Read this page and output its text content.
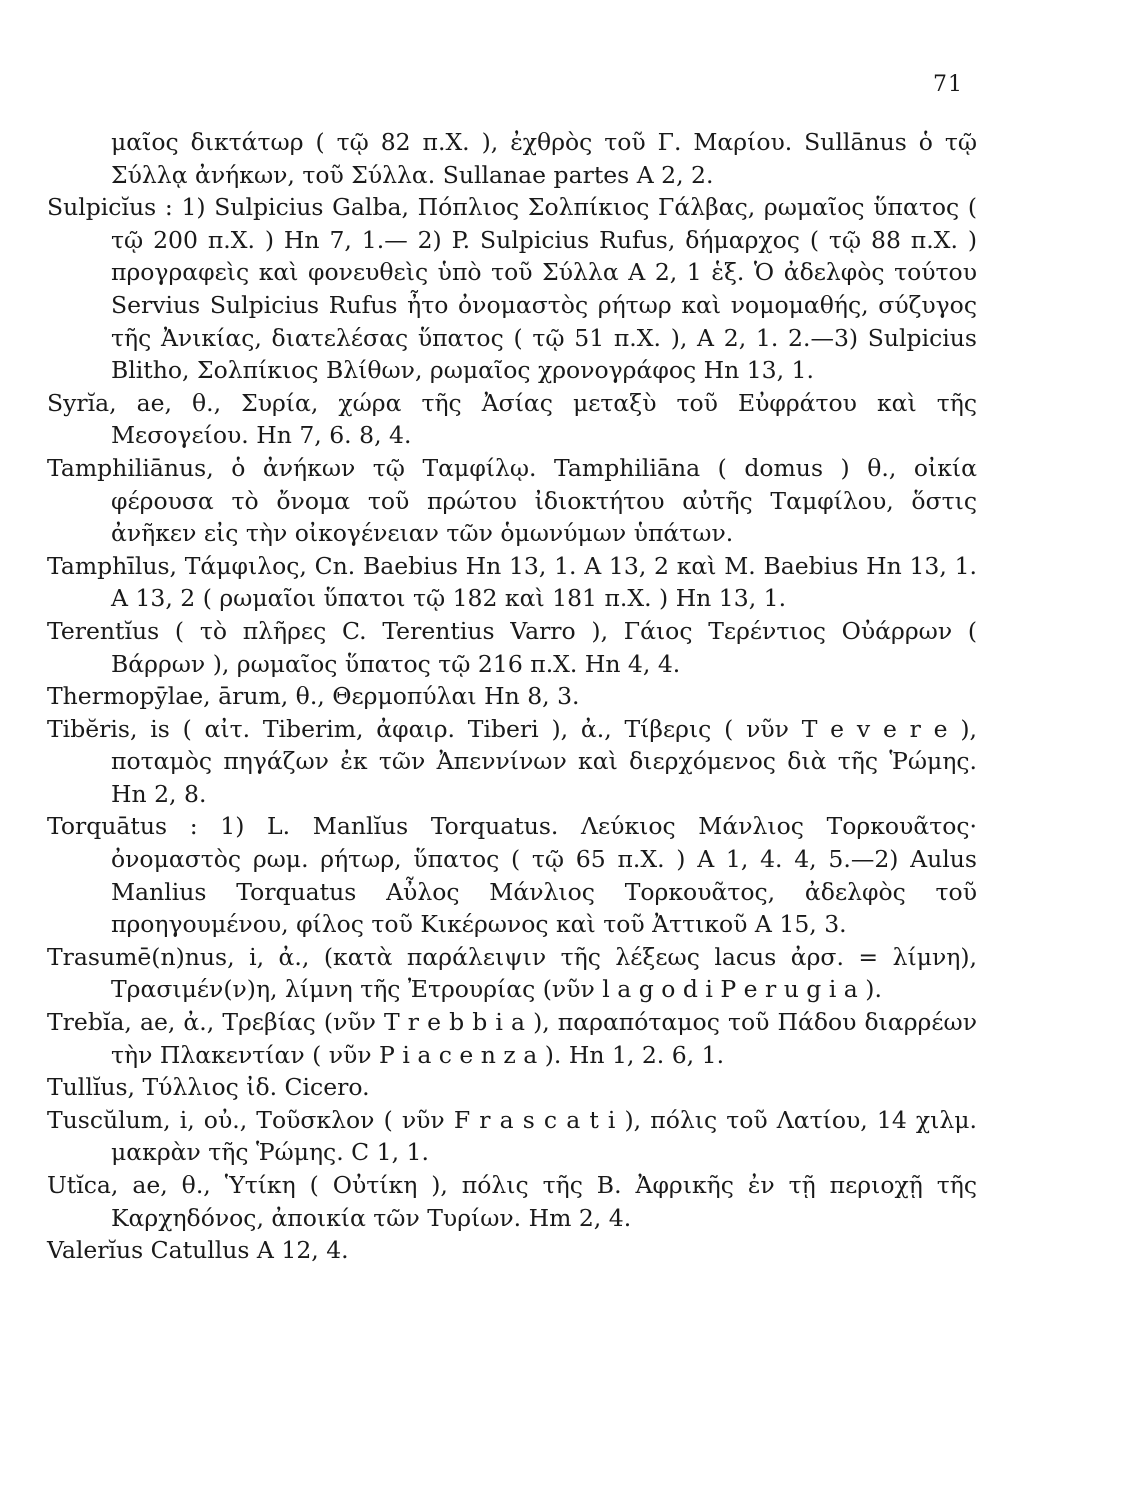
71

μαῖος δικτάτωρ ( τῷ 82 π.Χ. ), ἐχθρὸς τοῦ Γ. Μαρίου. Sullānus ὁ τῷ Σύλλᾳ ἀνήκων, τοῦ Σύλλα. Sullanae partes A 2, 2.

Sulpicĭus : 1) Sulpicius Galba, Πόπλιος Σολπίκιος Γάλβας, ρωμαῖος ὕπατος ( τῷ 200 π.Χ. ) Hn 7, 1.— 2) P. Sulpicius Rufus, δήμαρχος ( τῷ 88 π.Χ. ) προγραφεὶς καὶ φονευθεὶς ὑπὸ τοῦ Σύλλα A 2, 1 ἑξ. Ὁ ἀδελφὸς τούτου Servius Sulpicius Rufus ἦτο ὀνομαστὸς ρήτωρ καὶ νομομαθής, σύζυγος τῆς Ἀνικίας, διατελέσας ὕπατος ( τῷ 51 π.Χ. ), A 2, 1. 2.—3) Sulpicius Blitho, Σολπίκιος Βλίθων, ρωμαῖος χρονογράφος Hn 13, 1.

Syrĭa, ae, θ., Συρία, χώρα τῆς Ἀσίας μεταξὺ τοῦ Εὐφράτου καὶ τῆς Μεσογείου. Hn 7, 6. 8, 4.

Tamphiliānus, ὁ ἀνήκων τῷ Ταμφίλῳ. Tamphiliāna ( domus ) θ., οἰκία φέρουσα τὸ ὄνομα τοῦ πρώτου ἰδιοκτήτου αὐτῆς Ταμφίλου, ὅστις ἀνῆκεν εἰς τὴν οἰκογένειαν τῶν ὁμωνύμων ὑπάτων.

Tamphīlus, Τάμφιλος, Cn. Baebius Hn 13, 1. A 13, 2 καὶ M. Baebius Hn 13, 1. A 13, 2 ( ρωμαῖοι ὕπατοι τῷ 182 καὶ 181 π.Χ. ) Hn 13, 1.

Terentĭus ( τὸ πλῆρες C. Terentius Varro ), Γάιος Τερέντιος Οὐάρρων ( Βάρρων ), ρωμαῖος ὕπατος τῷ 216 π.Χ. Hn 4, 4.

Thermopȳlae, ārum, θ., Θερμοπύλαι Hn 8, 3.

Tibĕris, is ( αἰτ. Tiberim, ἀφαιρ. Tiberi ), ἀ., Τίβερις ( νῦν T e v e r e ), ποταμὸς πηγάζων ἐκ τῶν Ἀπεννίνων καὶ διερχόμενος διὰ τῆς Ῥώμης. Hn 2, 8.

Torquātus : 1) L. Manlĭus Torquatus. Λεύκιος Μάνλιος Τορκουᾶτος· ὀνομαστὸς ρωμ. ρήτωρ, ὕπατος ( τῷ 65 π.Χ. ) A 1, 4. 4, 5.—2) Aulus Manlius Torquatus Αὖλος Μάνλιος Τορκουᾶτος, ἀδελφὸς τοῦ προηγουμένου, φίλος τοῦ Κικέρωνος καὶ τοῦ Ἀττικοῦ A 15, 3.

Trasumē(n)nus, i, ἀ., (κατὰ παράλειψιν τῆς λέξεως lacus ἀρσ. = λίμνη), Τρασιμέν(ν)η, λίμνη τῆς Ἐτρουρίας (νῦν l a g o d i P e r u g i a ).

Trebĭa, ae, ἀ., Τρεβίας (νῦν T r e b b i a ), παραπόταμος τοῦ Πάδου διαρρέων τὴν Πλακεντίαν ( νῦν P i a c e n z a ). Hn 1, 2. 6, 1.

Tullĭus, Τύλλιος ἰδ. Cicero.

Tuscŭlum, i, οὐ., Τοῦσκλον ( νῦν F r a s c a t i ), πόλις τοῦ Λατίου, 14 χιλμ. μακρὰν τῆς Ῥώμης. C 1, 1.

Utĭca, ae, θ., Ὑτίκη ( Οὐτίκη ), πόλις τῆς B. Ἀφρικῆς ἐν τῇ περιοχῇ τῆς Καρχηδόνος, ἀποικία τῶν Τυρίων. Hm 2, 4.

Valerĭus Catullus A 12, 4.
